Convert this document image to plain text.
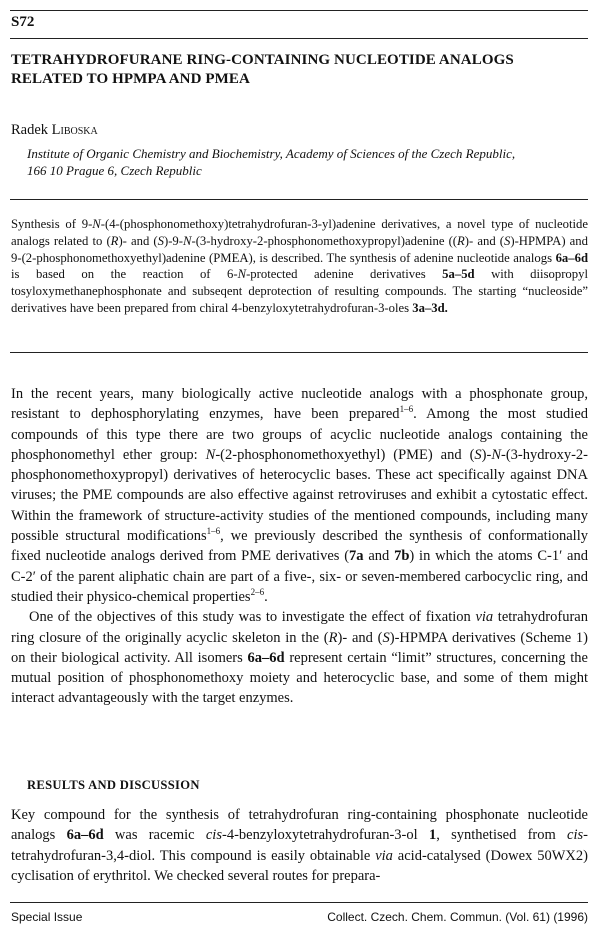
S72
TETRAHYDROFURANE RING-CONTAINING NUCLEOTIDE ANALOGS RELATED TO HPMPA AND PMEA
Radek Liboska
Institute of Organic Chemistry and Biochemistry, Academy of Sciences of the Czech Republic,
166 10 Prague 6, Czech Republic
Synthesis of 9-N-(4-(phosphonomethoxy)tetrahydrofuran-3-yl)adenine derivatives, a novel type of nucleotide analogs related to (R)- and (S)-9-N-(3-hydroxy-2-phosphonomethoxypropyl)adenine ((R)- and (S)-HPMPA) and 9-(2-phosphonomethoxyethyl)adenine (PMEA), is described. The synthesis of adenine nucleotide analogs 6a–6d is based on the reaction of 6-N-protected adenine derivatives 5a–5d with diisopropyl tosyloxymethanephosphonate and subseqent deprotection of resulting compounds. The starting “nucleoside” derivatives have been prepared from chiral 4-benzyloxytetrahydrofuran-3-oles 3a–3d.

In the recent years, many biologically active nucleotide analogs with a phosphonate group, resistant to dephosphorylating enzymes, have been prepared$^{1-6}$. Among the most studied compounds of this type there are two groups of acyclic nucleotide analogs containing the phosphonomethyl ether group: N-(2-phosphonomethoxyethyl) (PME) and (S)-N-(3-hydroxy-2-phosphonomethoxypropyl) derivatives of heterocyclic bases. These act specifically against DNA viruses; the PME compounds are also effective against retroviruses and exhibit a cytostatic effect. Within the framework of structure-activity studies of the mentioned compounds, including many possible structural modifications$^{1-6}$, we previously described the synthesis of conformationally fixed nucleotide analogs derived from PME derivatives (7a and 7b) in which the atoms C-1′ and C-2′ of the parent aliphatic chain are part of a five-, six- or seven-membered carbocyclic ring, and studied their physico-chemical properties$^{2-6}$.

One of the objectives of this study was to investigate the effect of fixation via tetrahydrofuran ring closure of the originally acyclic skeleton in the (R)- and (S)-HPMPA derivatives (Scheme 1) on their biological activity. All isomers 6a–6d represent certain “limit” structures, concerning the mutual position of phosphonomethoxy moiety and heterocyclic base, and some of them might interact advantageously with the target enzymes.

RESULTS AND DISCUSSION

Key compound for the synthesis of tetrahydrofuran ring-containing phosphonate nucleotide analogs 6a–6d was racemic cis-4-benzyloxytetrahydrofuran-3-ol 1, synthetised from cis-tetrahydrofuran-3,4-diol. This compound is easily obtainable via acid-catalysed (Dowex 50WX2) cyclisation of erythritol. We checked several routes for prepara-

Special Issue	Collect. Czech. Chem. Commun. (Vol. 61) (1996)
